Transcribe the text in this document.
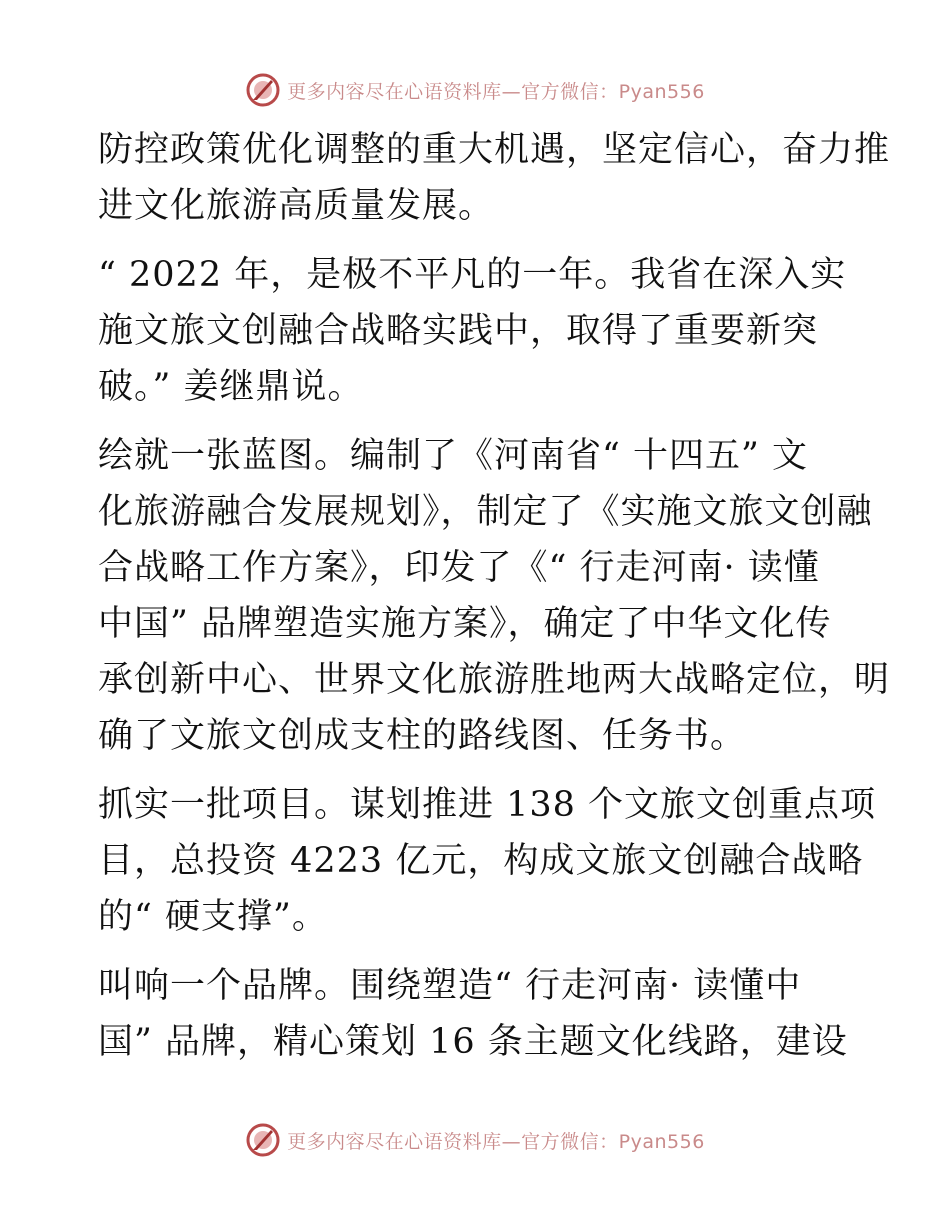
更多内容尽在心语资料库—官方微信：Pyan556

防控政策优化调整的重大机遇，坚定信心，奋力推
进文化旅游高质量发展。

“ 2022 年，是极不平凡的一年。我省在深入实
施文旅文创融合战略实践中，取得了重要新突
破。” 姜继鼎说。

绘就一张蓝图。编制了《河南省“ 十四五” 文
化旅游融合发展规划》，制定了《实施文旅文创融
合战略工作方案》，印发了《“ 行走河南· 读懂
中国” 品牌塑造实施方案》，确定了中华文化传
承创新中心、世界文化旅游胜地两大战略定位，明
确了文旅文创成支柱的路线图、任务书。

抓实一批项目。谋划推进 138 个文旅文创重点项
目，总投资 4223 亿元，构成文旅文创融合战略
的“ 硬支撑”。

叫响一个品牌。围绕塑造“ 行走河南· 读懂中
国” 品牌，精心策划 16 条主题文化线路，建设

更多内容尽在心语资料库—官方微信：Pyan556
